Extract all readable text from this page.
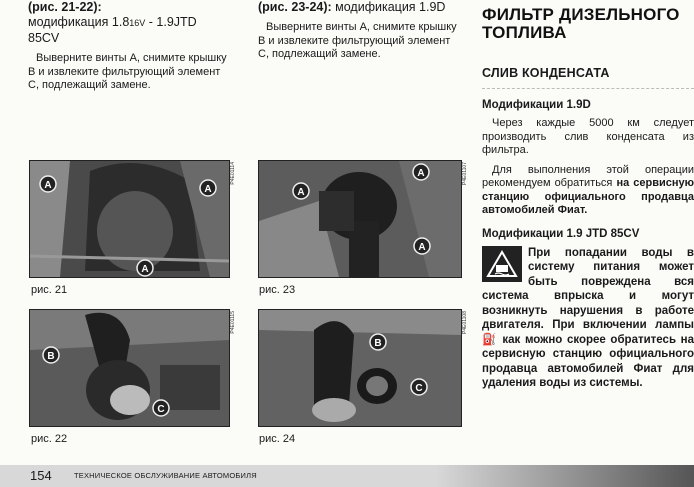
(рис. 21-22):
модификация 1.816V - 1.9JTD 85CV

Выверните винты A, снимите крышку B и извлеките фильтрующий элемент C, подлежащий замене.

(рис. 23-24): модификация 1.9D

Выверните винты A, снимите крышку B и извлеките фильтрующий элемент C, подлежащий замене.

A	A
A
P4E01114
рис. 21
B
C
P4E01115
рис. 22
A
A
A
P4E01107
рис. 23
B
C
P4E01108
рис. 24
ФИЛЬТР ДИЗЕЛЬНОГО
ТОПЛИВА
СЛИВ КОНДЕНСАТА
Модификации 1.9D

Через каждые 5000 км следует производить слив конденсата из фильтра.

Для выполнения этой операции рекомендуем обратиться на сервисную станцию официального продавца автомобилей Фиат.

Модификации 1.9 JTD 85CV
При попадании воды в систему питания может быть повреждена вся система впрыска и могут возникнуть нарушения в работе двигателя. При включении лампы ⛽ как можно скорее обратитесь на сервисную станцию официального продавца автомобилей Фиат для удаления воды из системы.
154	ТЕХНИЧЕСКОЕ ОБСЛУЖИВАНИЕ АВТОМОБИЛЯ
